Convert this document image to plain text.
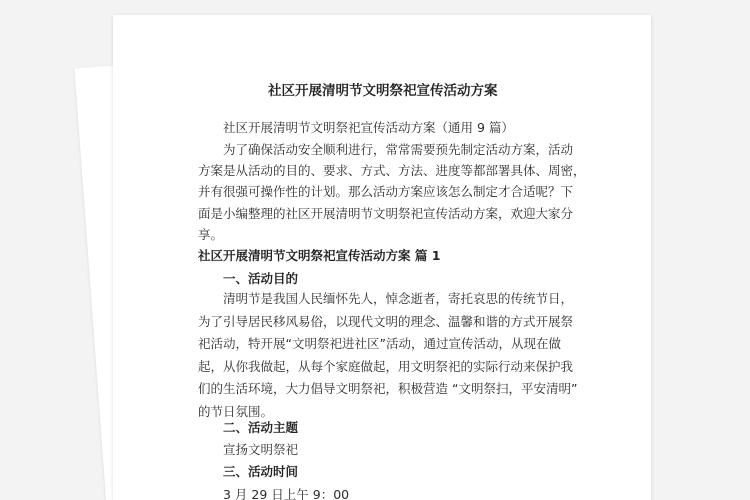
社区开展清明节文明祭祀宣传活动方案
社区开展清明节文明祭祀宣传活动方案（通用 9 篇）
为了确保活动安全顺利进行，常常需要预先制定活动方案，活动
方案是从活动的目的、要求、方式、方法、进度等都部署具体、周密，
并有很强可操作性的计划。那么活动方案应该怎么制定才合适呢？下
面是小编整理的社区开展清明节文明祭祀宣传活动方案，欢迎大家分
享。
社区开展清明节文明祭祀宣传活动方案 篇 1
一、活动目的
清明节是我国人民缅怀先人，悼念逝者，寄托哀思的传统节日，
为了引导居民移风易俗，以现代文明的理念、温馨和谐的方式开展祭
祀活动，特开展“文明祭祀进社区”活动，通过宣传活动，从现在做
起，从你我做起，从每个家庭做起，用文明祭祀的实际行动来保护我
们的生活环境，大力倡导文明祭祀，积极营造 “文明祭扫，平安清明”
的节日氛围。
二、活动主题
宣扬文明祭祀
三、活动时间
3 月 29 日上午 9：00
